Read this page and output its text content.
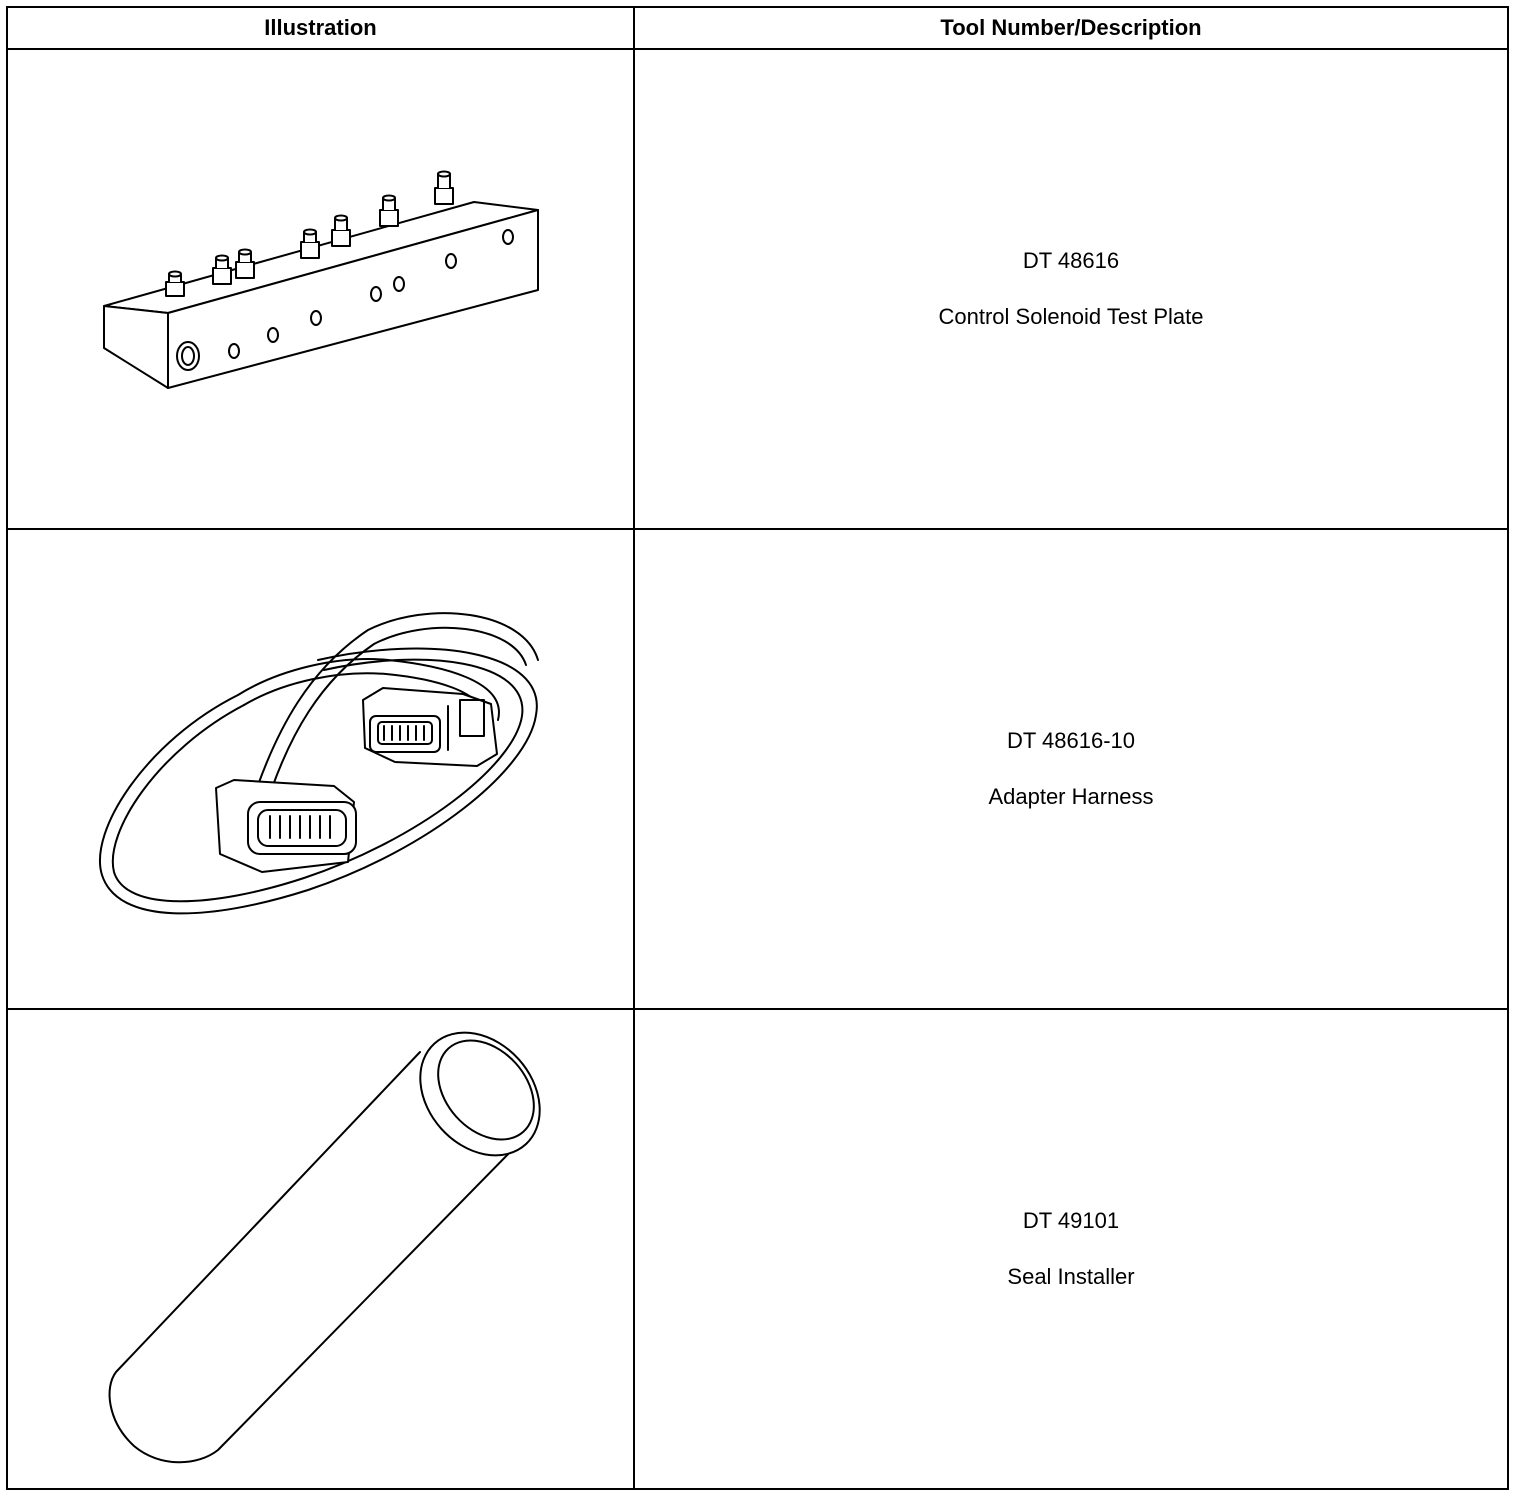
Illustration	Tool Number/Description

DT 48616
Control Solenoid Test Plate

DT 48616-10
Adapter Harness

DT 49101
Seal Installer
